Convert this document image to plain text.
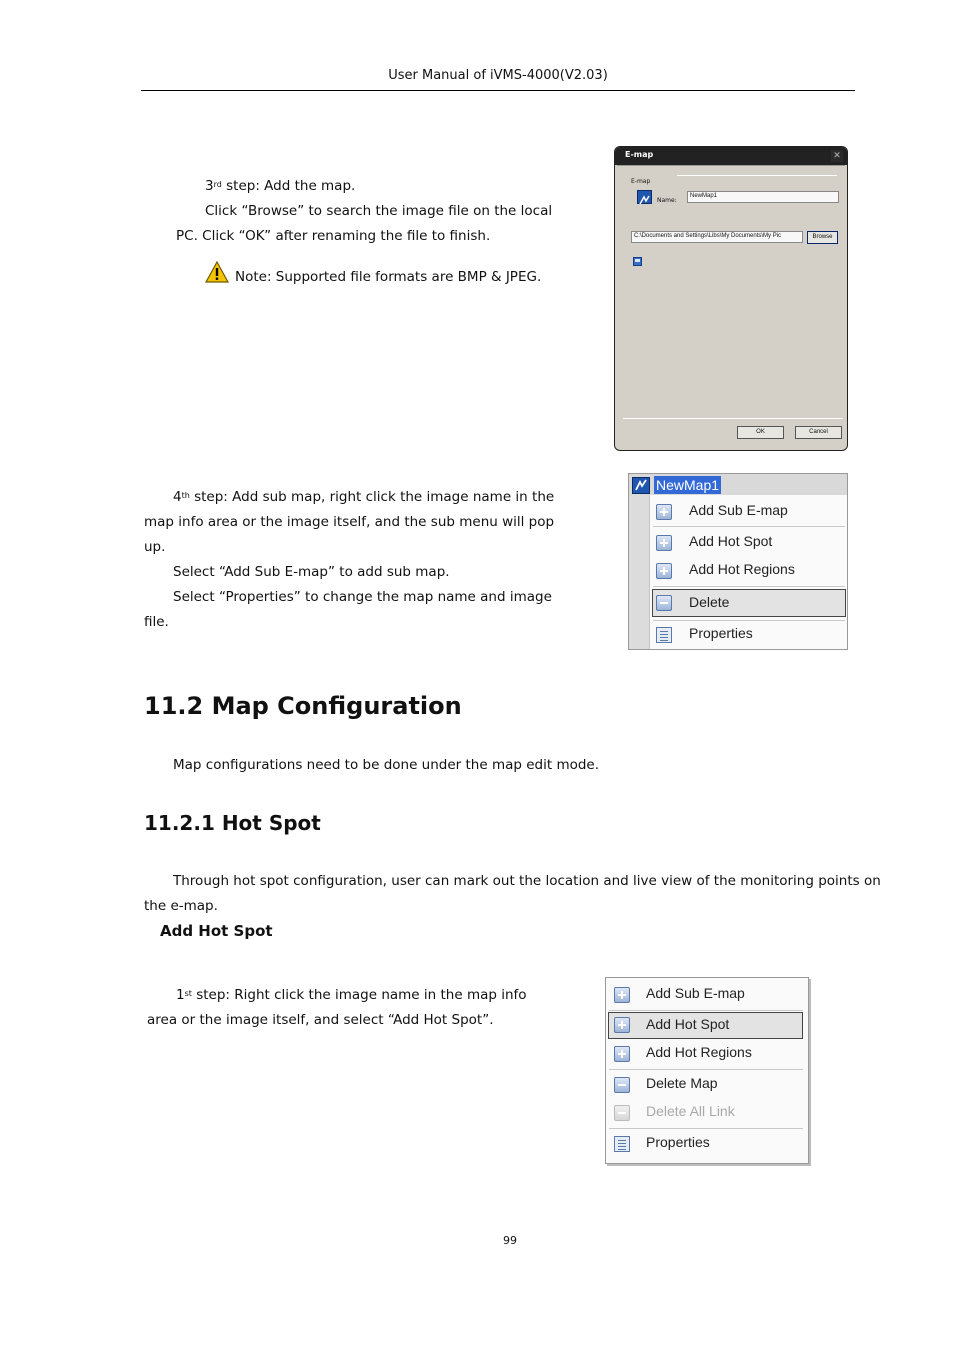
User Manual of iVMS-4000(V2.03)
3rd step: Add the map.
Click “Browse” to search the image file on the local
PC. Click “OK” after renaming the file to finish.
Note: Supported file formats are BMP & JPEG.
E-map	✕
E-map
Name:
NewMap1
C:\Documents and Settings\Libs\My Documents\My Pic	Browse
OK	Cancel
4th step: Add sub map, right click the image name in the
map info area or the image itself, and the sub menu will pop
up.
Select “Add Sub E-map” to add sub map.
Select “Properties” to change the map name and image
file.
NewMap1
Add Sub E-map
Add Hot Spot
Add Hot Regions
Delete
Properties
11.2 Map Configuration
Map configurations need to be done under the map edit mode.
11.2.1 Hot Spot
Through hot spot configuration, user can mark out the location and live view of the monitoring points on
the e-map.
Add Hot Spot
1st step: Right click the image name in the map info
area or the image itself, and select “Add Hot Spot”.
Add Sub E-map
Add Hot Spot
Add Hot Regions
Delete Map
Delete All Link
Properties
99
